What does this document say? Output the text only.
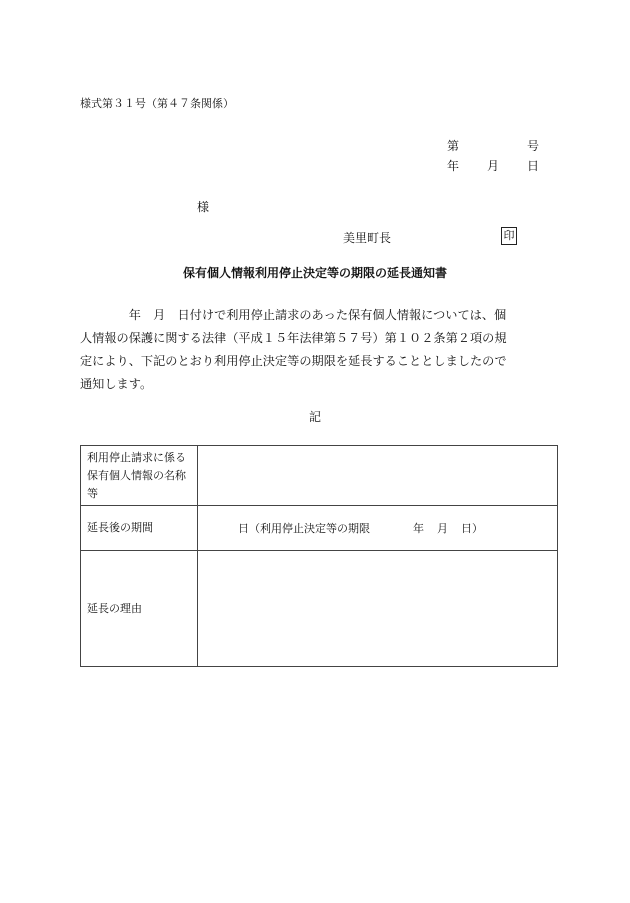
様式第３１号（第４７条関係）
第	号
年 月 日
様
美里町長	印
保有個人情報利用停止決定等の期限の延長通知書
　　　　年　月　日付けで利用停止請求のあった保有個人情報については、個
人情報の保護に関する法律（平成１５年法律第５７号）第１０２条第２項の規
定により、下記のとおり利用停止決定等の期限を延長することとしましたので
通知します。
記
利用停止請求に係る
保有個人情報の名称
等	

延長後の期間	日（利用停止決定等の期限 年 月 日）

延長の理由	
